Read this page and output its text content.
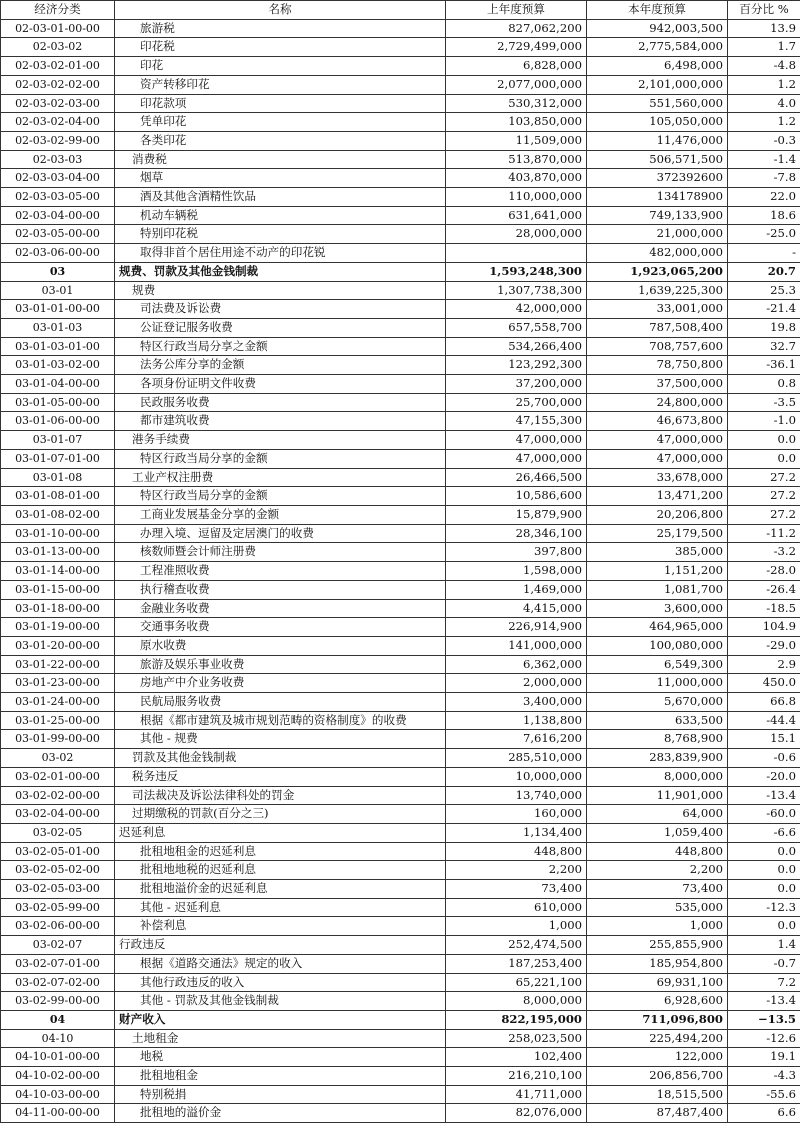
经济分类	名称	上年度预算	本年度预算	百分比 %
02-03-01-00-00	旅游税	827,062,200	942,003,500	13.9
02-03-02	印花税	2,729,499,000	2,775,584,000	1.7
02-03-02-01-00	印花	6,828,000	6,498,000	-4.8
02-03-02-02-00	资产转移印花	2,077,000,000	2,101,000,000	1.2
02-03-02-03-00	印花款项	530,312,000	551,560,000	4.0
02-03-02-04-00	凭单印花	103,850,000	105,050,000	1.2
02-03-02-99-00	各类印花	11,509,000	11,476,000	-0.3
02-03-03	消费税	513,870,000	506,571,500	-1.4
02-03-03-04-00	烟草	403,870,000	372392600	-7.8
02-03-03-05-00	酒及其他含酒精性饮品	110,000,000	134178900	22.0
02-03-04-00-00	机动车辆税	631,641,000	749,133,900	18.6
02-03-05-00-00	特别印花税	28,000,000	21,000,000	-25.0
02-03-06-00-00	取得非首个居住用途不动产的印花锐		482,000,000	-
03	规费、罚款及其他金钱制裁	1,593,248,300	1,923,065,200	20.7
03-01	规费	1,307,738,300	1,639,225,300	25.3
03-01-01-00-00	司法费及诉讼费	42,000,000	33,001,000	-21.4
03-01-03	公证登记服务收费	657,558,700	787,508,400	19.8
03-01-03-01-00	特区行政当局分享之金额	534,266,400	708,757,600	32.7
03-01-03-02-00	法务公库分享的金额	123,292,300	78,750,800	-36.1
03-01-04-00-00	各项身份证明文件收费	37,200,000	37,500,000	0.8
03-01-05-00-00	民政服务收费	25,700,000	24,800,000	-3.5
03-01-06-00-00	都市建筑收费	47,155,300	46,673,800	-1.0
03-01-07	港务手续费	47,000,000	47,000,000	0.0
03-01-07-01-00	特区行政当局分享的金额	47,000,000	47,000,000	0.0
03-01-08	工业产权注册费	26,466,500	33,678,000	27.2
03-01-08-01-00	特区行政当局分享的金额	10,586,600	13,471,200	27.2
03-01-08-02-00	工商业发展基金分享的金额	15,879,900	20,206,800	27.2
03-01-10-00-00	办理入境、逗留及定居澳门的收费	28,346,100	25,179,500	-11.2
03-01-13-00-00	核数师暨会计师注册费	397,800	385,000	-3.2
03-01-14-00-00	工程准照收费	1,598,000	1,151,200	-28.0
03-01-15-00-00	执行稽查收费	1,469,000	1,081,700	-26.4
03-01-18-00-00	金融业务收费	4,415,000	3,600,000	-18.5
03-01-19-00-00	交通事务收费	226,914,900	464,965,000	104.9
03-01-20-00-00	原水收费	141,000,000	100,080,000	-29.0
03-01-22-00-00	旅游及娱乐事业收费	6,362,000	6,549,300	2.9
03-01-23-00-00	房地产中介业务收费	2,000,000	11,000,000	450.0
03-01-24-00-00	民航局服务收费	3,400,000	5,670,000	66.8
03-01-25-00-00	根据《都市建筑及城市规划范畴的资格制度》的收费	1,138,800	633,500	-44.4
03-01-99-00-00	其他 - 规费	7,616,200	8,768,900	15.1
03-02	罚款及其他金钱制裁	285,510,000	283,839,900	-0.6
03-02-01-00-00	税务违反	10,000,000	8,000,000	-20.0
03-02-02-00-00	司法裁决及诉讼法律科处的罚金	13,740,000	11,901,000	-13.4
03-02-04-00-00	过期缴税的罚款(百分之三)	160,000	64,000	-60.0
03-02-05	迟延利息	1,134,400	1,059,400	-6.6
03-02-05-01-00	批租地租金的迟延利息	448,800	448,800	0.0
03-02-05-02-00	批租地地税的迟延利息	2,200	2,200	0.0
03-02-05-03-00	批租地溢价金的迟延利息	73,400	73,400	0.0
03-02-05-99-00	其他 - 迟延利息	610,000	535,000	-12.3
03-02-06-00-00	补偿利息	1,000	1,000	0.0
03-02-07	行政违反	252,474,500	255,855,900	1.4
03-02-07-01-00	根据《道路交通法》规定的收入	187,253,400	185,954,800	-0.7
03-02-07-02-00	其他行政违反的收入	65,221,100	69,931,100	7.2
03-02-99-00-00	其他 - 罚款及其他金钱制裁	8,000,000	6,928,600	-13.4
04	财产收入	822,195,000	711,096,800	−13.5
04-10	土地租金	258,023,500	225,494,200	-12.6
04-10-01-00-00	地税	102,400	122,000	19.1
04-10-02-00-00	批租地租金	216,210,100	206,856,700	-4.3
04-10-03-00-00	特别税捐	41,711,000	18,515,500	-55.6
04-11-00-00-00	批租地的溢价金	82,076,000	87,487,400	6.6
